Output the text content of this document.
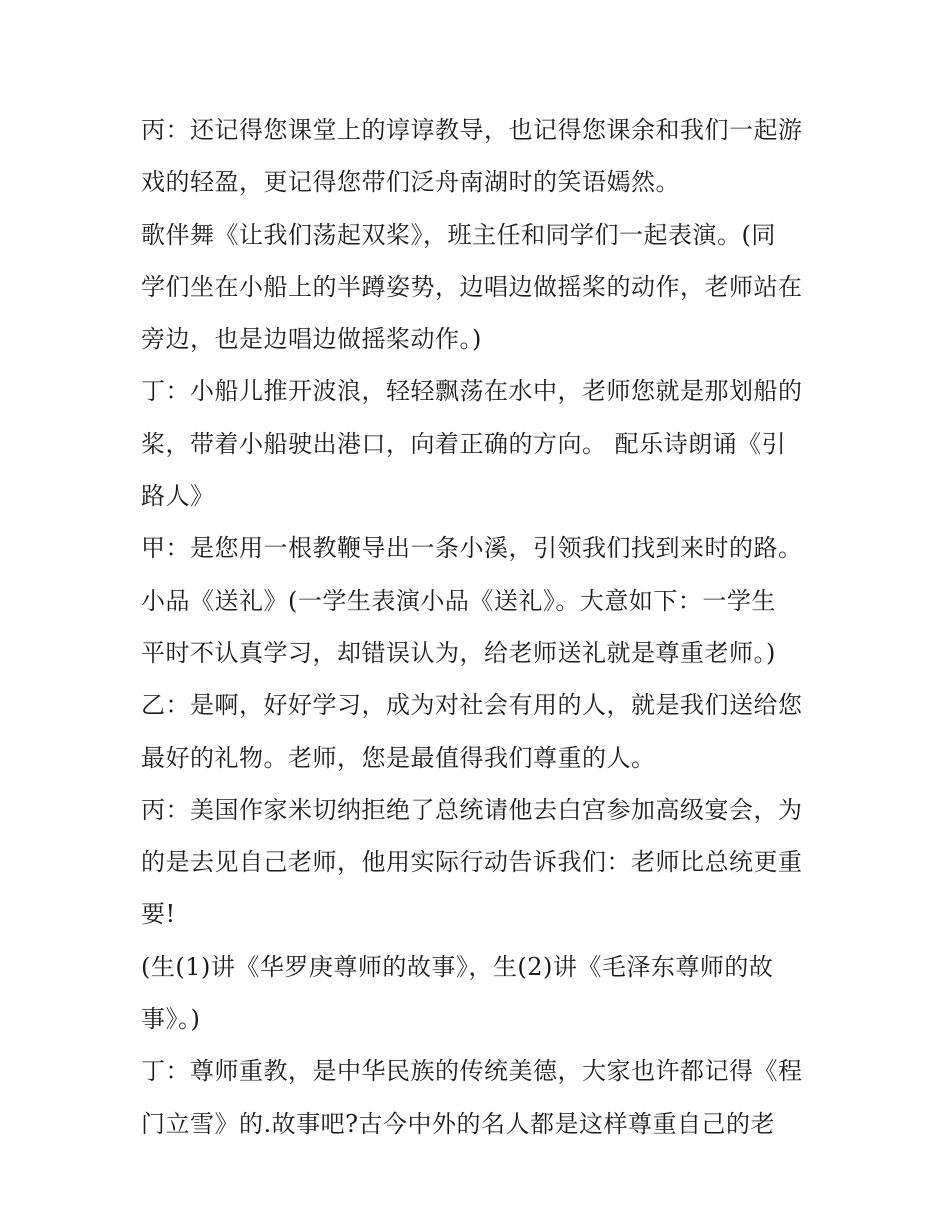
丙：还记得您课堂上的谆谆教导，也记得您课余和我们一起游
戏的轻盈，更记得您带们泛舟南湖时的笑语嫣然。
歌伴舞《让我们荡起双桨》，班主任和同学们一起表演。(同
学们坐在小船上的半蹲姿势，边唱边做摇桨的动作，老师站在
旁边，也是边唱边做摇桨动作。)
丁：小船儿推开波浪，轻轻飘荡在水中，老师您就是那划船的
桨，带着小船驶出港口，向着正确的方向。 配乐诗朗诵《引
路人》
甲：是您用一根教鞭导出一条小溪，引领我们找到来时的路。
小品《送礼》(一学生表演小品《送礼》。大意如下：一学生
平时不认真学习，却错误认为，给老师送礼就是尊重老师。)
乙：是啊，好好学习，成为对社会有用的人，就是我们送给您
最好的礼物。老师，您是最值得我们尊重的人。
丙：美国作家米切纳拒绝了总统请他去白宫参加高级宴会，为
的是去见自己老师，他用实际行动告诉我们：老师比总统更重
要!
(生(1)讲《华罗庚尊师的故事》，生(2)讲《毛泽东尊师的故
事》。)
丁：尊师重教，是中华民族的传统美德，大家也许都记得《程
门立雪》的.故事吧?古今中外的名人都是这样尊重自己的老
